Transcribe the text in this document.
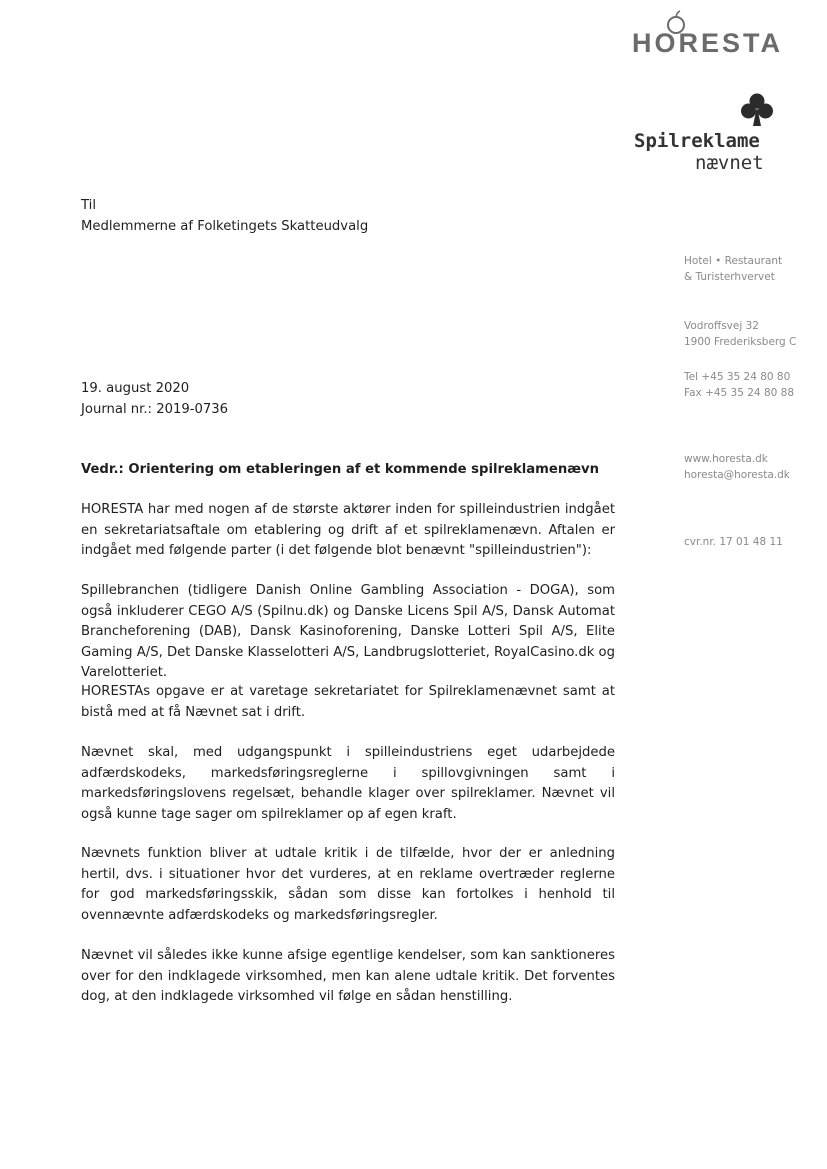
HORESTA
Spilreklame
nævnet
Hotel • Restaurant
& Turisterhvervet
Vodroffsvej 32
1900 Frederiksberg C
Tel +45 35 24 80 80
Fax +45 35 24 80 88
www.horesta.dk
horesta@horesta.dk
cvr.nr. 17 01 48 11
Til
Medlemmerne af Folketingets Skatteudvalg
19. august 2020
Journal nr.: 2019-0736
Vedr.: Orientering om etableringen af et kommende spilreklamenævn
HORESTA har med nogen af de største aktører inden for spilleindustrien indgået en sekretariatsaftale om etablering og drift af et spilreklamenævn. Aftalen er indgået med følgende parter (i det følgende blot benævnt "spilleindustrien"):
Spillebranchen (tidligere Danish Online Gambling Association - DOGA), som også inkluderer CEGO A/S (Spilnu.dk) og Danske Licens Spil A/S, Dansk Automat Brancheforening (DAB), Dansk Kasinoforening, Danske Lotteri Spil A/S, Elite Gaming A/S, Det Danske Klasselotteri A/S, Landbrugslotteriet, RoyalCasino.dk og Varelotteriet.
HORESTAs opgave er at varetage sekretariatet for Spilreklamenævnet samt at bistå med at få Nævnet sat i drift.
Nævnet skal, med udgangspunkt i spilleindustriens eget udarbejdede adfærdskodeks, markedsføringsreglerne i spillovgivningen samt i markedsføringslovens regelsæt, behandle klager over spilreklamer. Nævnet vil også kunne tage sager om spilreklamer op af egen kraft.
Nævnets funktion bliver at udtale kritik i de tilfælde, hvor der er anledning hertil, dvs. i situationer hvor det vurderes, at en reklame overtræder reglerne for god markedsføringsskik, sådan som disse kan fortolkes i henhold til ovennævnte adfærdskodeks og markedsføringsregler.
Nævnet vil således ikke kunne afsige egentlige kendelser, som kan sanktioneres over for den indklagede virksomhed, men kan alene udtale kritik. Det forventes dog, at den indklagede virksomhed vil følge en sådan henstilling.
